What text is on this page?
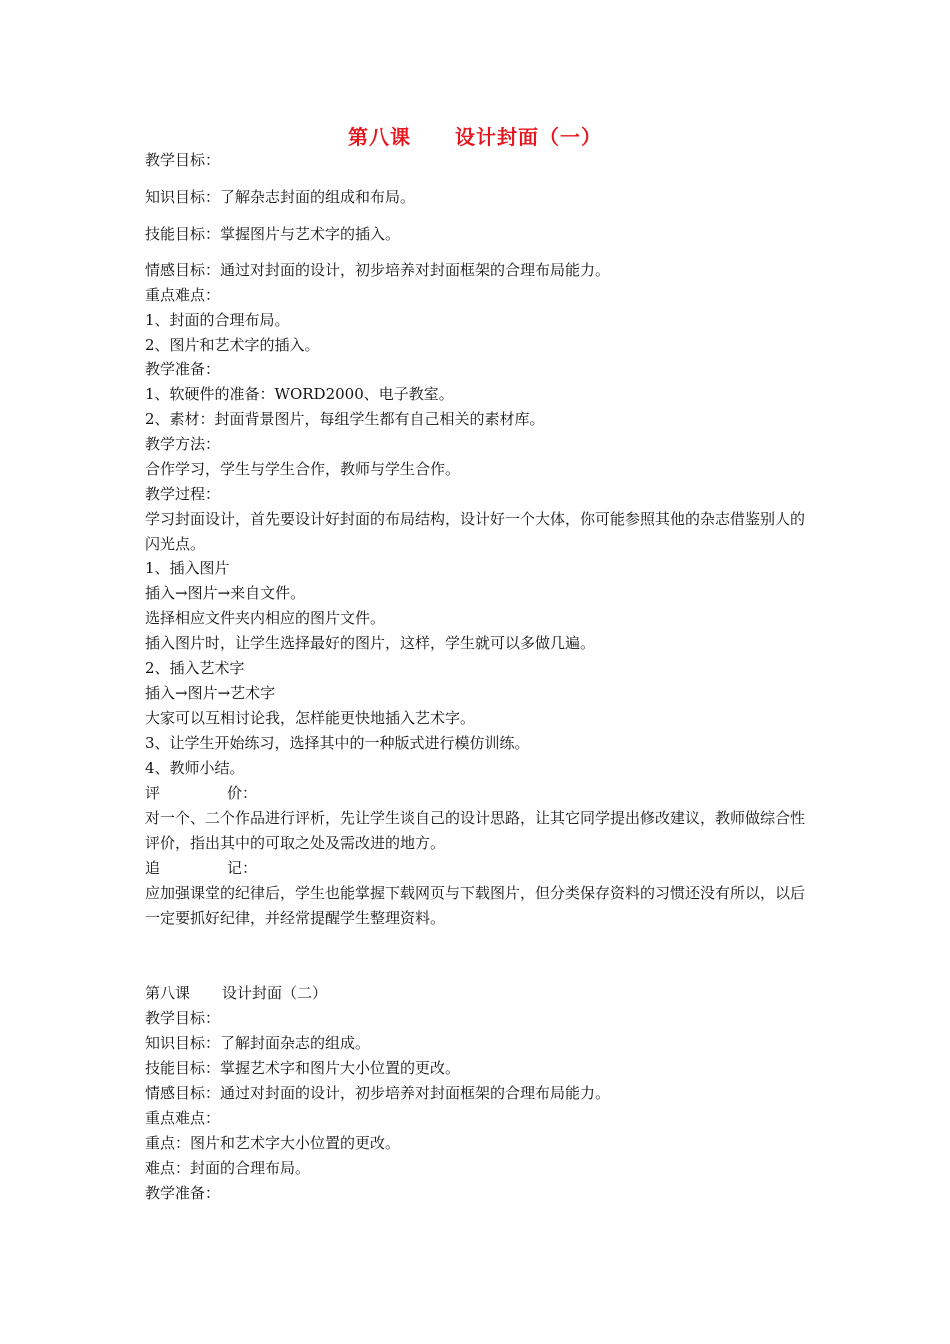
第八课 设计封面（一）
教学目标：
知识目标：了解杂志封面的组成和布局。
技能目标：掌握图片与艺术字的插入。
情感目标：通过对封面的设计，初步培养对封面框架的合理布局能力。
重点难点：
1、封面的合理布局。
2、图片和艺术字的插入。
教学准备：
1、软硬件的准备：WORD2000、电子教室。
2、素材：封面背景图片，每组学生都有自己相关的素材库。
教学方法：
合作学习，学生与学生合作，教师与学生合作。
教学过程：
学习封面设计，首先要设计好封面的布局结构，设计好一个大体，你可能参照其他的杂志借鉴别人的闪光点。
1、插入图片
插入→图片→来自文件。
选择相应文件夹内相应的图片文件。
插入图片时，让学生选择最好的图片，这样，学生就可以多做几遍。
2、插入艺术字
插入→图片→艺术字
大家可以互相讨论我，怎样能更快地插入艺术字。
3、让学生开始练习，选择其中的一种版式进行模仿训练。
4、教师小结。
评	价：
对一个、二个作品进行评析，先让学生谈自己的设计思路，让其它同学提出修改建议，教师做综合性评价，指出其中的可取之处及需改进的地方。
追	记：
应加强课堂的纪律后，学生也能掌握下载网页与下载图片，但分类保存资料的习惯还没有所以，以后一定要抓好纪律，并经常提醒学生整理资料。
第八课 设计封面（二）
教学目标：
知识目标：了解封面杂志的组成。
技能目标：掌握艺术字和图片大小位置的更改。
情感目标：通过对封面的设计，初步培养对封面框架的合理布局能力。
重点难点：
重点：图片和艺术字大小位置的更改。
难点：封面的合理布局。
教学准备：
